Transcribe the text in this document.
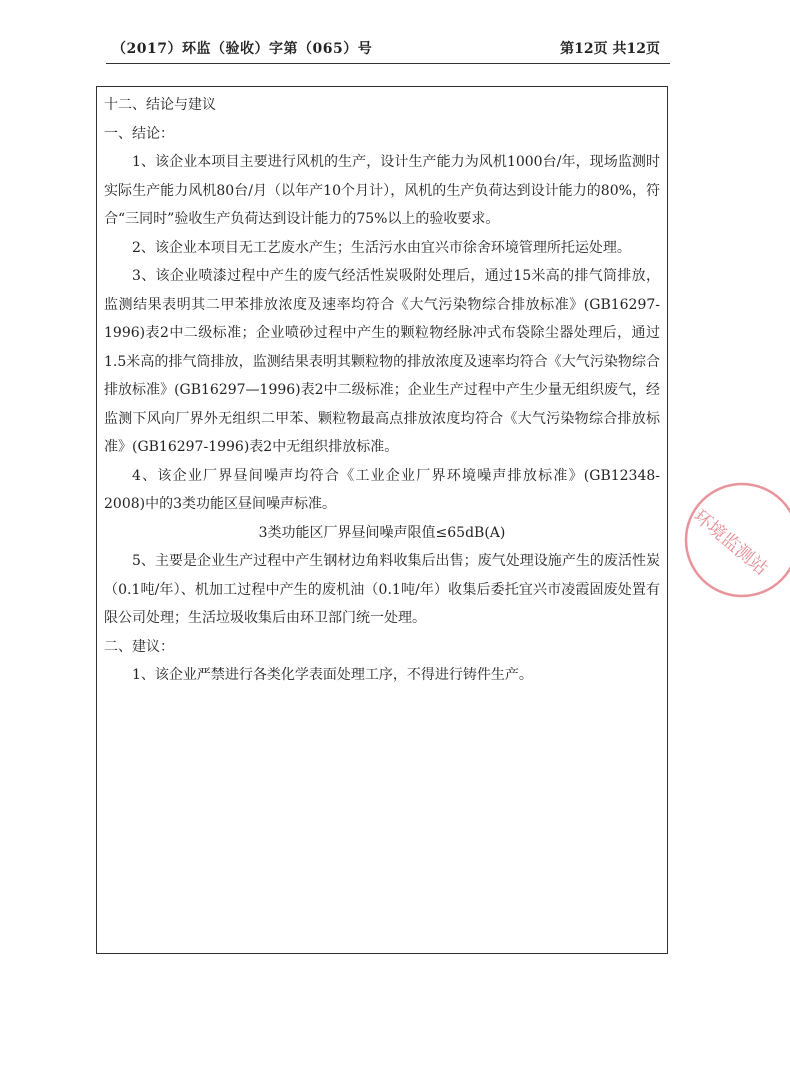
（2017）环监（验收）字第（065）号	第12页 共12页

十二、结论与建议

一、结论：

1、该企业本项目主要进行风机的生产，设计生产能力为风机1000台/年，现场监测时实际生产能力风机80台/月（以年产10个月计），风机的生产负荷达到设计能力的80%，符合“三同时”验收生产负荷达到设计能力的75%以上的验收要求。

2、该企业本项目无工艺废水产生；生活污水由宜兴市徐舍环境管理所托运处理。

3、该企业喷漆过程中产生的废气经活性炭吸附处理后，通过15米高的排气筒排放，监测结果表明其二甲苯排放浓度及速率均符合《大气污染物综合排放标准》(GB16297-1996)表2中二级标准；企业喷砂过程中产生的颗粒物经脉冲式布袋除尘器处理后，通过1.5米高的排气筒排放，监测结果表明其颗粒物的排放浓度及速率均符合《大气污染物综合排放标准》(GB16297—1996)表2中二级标准；企业生产过程中产生少量无组织废气，经监测下风向厂界外无组织二甲苯、颗粒物最高点排放浓度均符合《大气污染物综合排放标准》(GB16297-1996)表2中无组织排放标准。

4、该企业厂界昼间噪声均符合《工业企业厂界环境噪声排放标准》(GB12348-2008)中的3类功能区昼间噪声标准。

3类功能区厂界昼间噪声限值≤65dB(A)

5、主要是企业生产过程中产生钢材边角料收集后出售；废气处理设施产生的废活性炭（0.1吨/年）、机加工过程中产生的废机油（0.1吨/年）收集后委托宜兴市凌霞固废处置有限公司处理；生活垃圾收集后由环卫部门统一处理。

二、建议：

1、该企业严禁进行各类化学表面处理工序，不得进行铸件生产。

环境监测站
